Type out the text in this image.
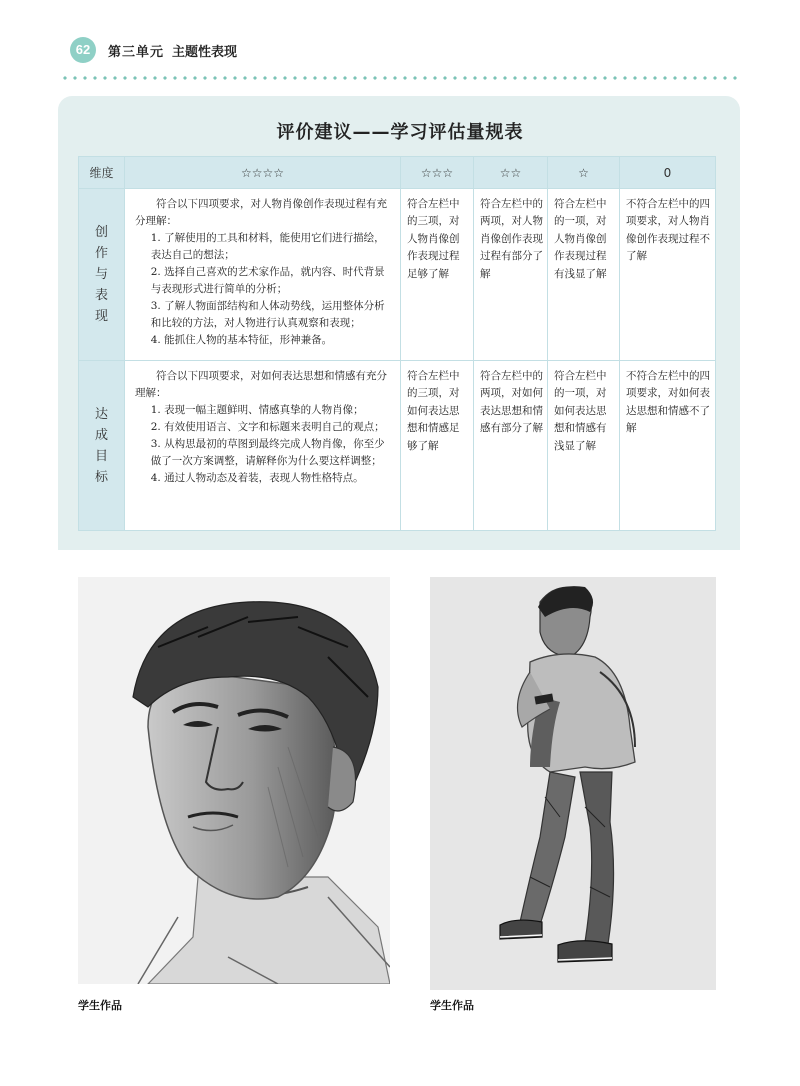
62	第三单元 主题性表现
评价建议——学习评估量规表
维度	☆☆☆☆	☆☆☆	☆☆	☆	0
创作与表现	符合以下四项要求，对人物肖像创作表现过程有充分理解：

1. 了解使用的工具和材料，能使用它们进行描绘，表达自己的想法；

2. 选择自己喜欢的艺术家作品，就内容、时代背景与表现形式进行简单的分析；

3. 了解人物面部结构和人体动势线，运用整体分析和比较的方法，对人物进行认真观察和表现；

4. 能抓住人物的基本特征，形神兼备。	符合左栏中的三项，对人物肖像创作表现过程足够了解	符合左栏中的两项，对人物肖像创作表现过程有部分了解	符合左栏中的一项，对人物肖像创作表现过程有浅显了解	不符合左栏中的四项要求，对人物肖像创作表现过程不了解
达成目标	符合以下四项要求，对如何表达思想和情感有充分理解：

1. 表现一幅主题鲜明、情感真挚的人物肖像；

2. 有效使用语言、文字和标题来表明自己的观点；

3. 从构思最初的草图到最终完成人物肖像，你至少做了一次方案调整，请解释你为什么要这样调整；

4. 通过人物动态及着装，表现人物性格特点。	符合左栏中的三项，对如何表达思想和情感足够了解	符合左栏中的两项，对如何表达思想和情感有部分了解	符合左栏中的一项，对如何表达思想和情感有浅显了解	不符合左栏中的四项要求，对如何表达思想和情感不了解
学生作品	学生作品
